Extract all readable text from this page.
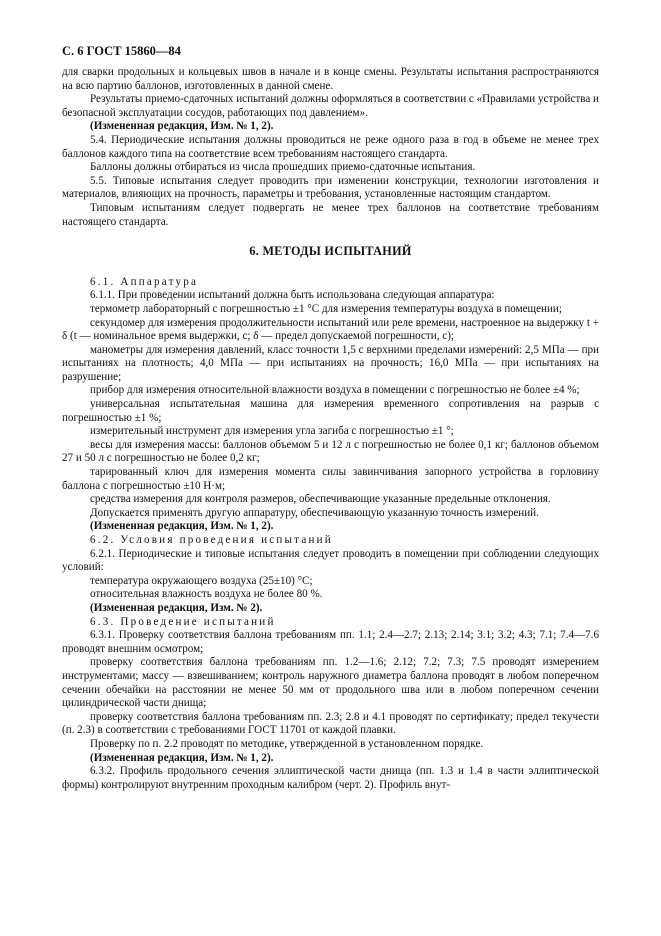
С. 6 ГОСТ 15860—84

для сварки продольных и кольцевых швов в начале и в конце смены. Результаты испытания распространяются на всю партию баллонов, изготовленных в данной смене.

Результаты приемо-сдаточных испытаний должны оформляться в соответствии с «Правилами устройства и безопасной эксплуатации сосудов, работающих под давлением».

(Измененная редакция, Изм. № 1, 2).

5.4. Периодические испытания должны проводиться не реже одного раза в год в объеме не менее трех баллонов каждого типа на соответствие всем требованиям настоящего стандарта.

Баллоны должны отбираться из числа прошедших приемо-сдаточные испытания.

5.5. Типовые испытания следует проводить при изменении конструкции, технологии изготовления и материалов, влияющих на прочность, параметры и требования, установленные настоящим стандартом.

Типовым испытаниям следует подвергать не менее трех баллонов на соответствие требованиям настоящего стандарта.

6. МЕТОДЫ ИСПЫТАНИЙ

6.1. Аппаратура

6.1.1. При проведении испытаний должна быть использована следующая аппаратура:

термометр лабораторный с погрешностью ±1 °С для измерения температуры воздуха в помещении;

секундомер для измерения продолжительности испытаний или реле времени, настроенное на выдержку t + δ (t — номинальное время выдержки, с; δ — предел допускаемой погрешности, с);

манометры для измерения давлений, класс точности 1,5 с верхними пределами измерений: 2,5 МПа — при испытаниях на плотность; 4,0 МПа — при испытаниях на прочность; 16,0 МПа — при испытаниях на разрушение;

прибор для измерения относительной влажности воздуха в помещении с погрешностью не более ±4 %;

универсальная испытательная машина для измерения временного сопротивления на разрыв с погрешностью ±1 %;

измерительный инструмент для измерения угла загиба с погрешностью ±1 °;

весы для измерения массы: баллонов объемом 5 и 12 л с погрешностью не более 0,1 кг; баллонов объемом 27 и 50 л с погрешностью не более 0,2 кг;

тарированный ключ для измерения момента силы завинчивания запорного устройства в горловину баллона с погрешностью ±10 Н·м;

средства измерения для контроля размеров, обеспечивающие указанные предельные отклонения.

Допускается применять другую аппаратуру, обеспечивающую указанную точность измерений.

(Измененная редакция, Изм. № 1, 2).

6.2. Условия проведения испытаний

6.2.1. Периодические и типовые испытания следует проводить в помещении при соблюдении следующих условий:

температура окружающего воздуха (25±10) °С;

относительная влажность воздуха не более 80 %.

(Измененная редакция, Изм. № 2).

6.3. Проведение испытаний

6.3.1. Проверку соответствия баллона требованиям пп. 1.1; 2.4—2.7; 2.13; 2.14; 3.1; 3.2; 4.3; 7.1; 7.4—7.6 проводят внешним осмотром;

проверку соответствия баллона требованиям пп. 1.2—1.6; 2.12; 7.2; 7.3; 7.5 проводят измерением инструментами; массу — взвешиванием; контроль наружного диаметра баллона проводят в любом поперечном сечении обечайки на расстоянии не менее 50 мм от продольного шва или в любом поперечном сечении цилиндрической части днища;

проверку соответствия баллона требованиям пп. 2.3; 2.8 и 4.1 проводят по сертификату; предел текучести (п. 2.3) в соответствии с требованиями ГОСТ 11701 от каждой плавки.

Проверку по п. 2.2 проводят по методике, утвержденной в установленном порядке.

(Измененная редакция, Изм. № 1, 2).

6.3.2. Профиль продольного сечения эллиптической части днища (пп. 1.3 и 1.4 в части эллиптической формы) контролируют внутренним проходным калибром (черт. 2). Профиль внут-
